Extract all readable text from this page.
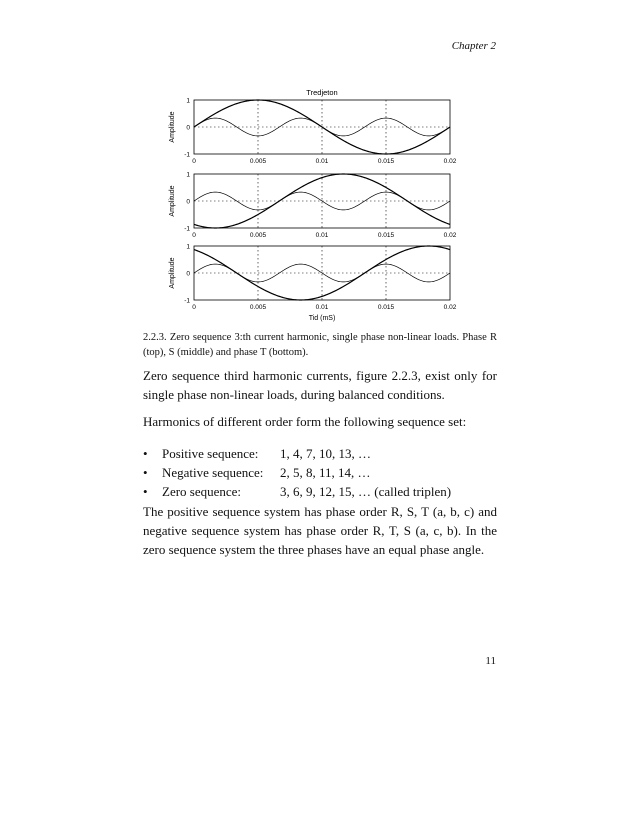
Chapter 2
Tredjeton
1
0
-1
0	0.005	0.01	0.015	0.02
Amplitude
1
0
-1
0	0.005	0.01	0.015	0.02
Amplitude
1
0
-1
0	0.005	0.01	0.015	0.02
Amplitude
Tid (mS)
2.2.3. Zero sequence 3:th current harmonic, single phase non-linear loads. Phase R (top), S (middle) and phase T (bottom).

Zero sequence third harmonic currents, figure 2.2.3, exist only for single phase non-linear loads, during balanced conditions.

Harmonics of different order form the following sequence set:

•	Positive sequence:	1, 4, 7, 10, 13, …
•	Negative sequence:	2, 5, 8, 11, 14, …
•	Zero sequence:	3, 6, 9, 12, 15, … (called triplen)

The positive sequence system has phase order R, S, T (a, b, c) and negative sequence system has phase order R, T, S (a, c, b). In the zero sequence system the three phases have an equal phase angle.

11
